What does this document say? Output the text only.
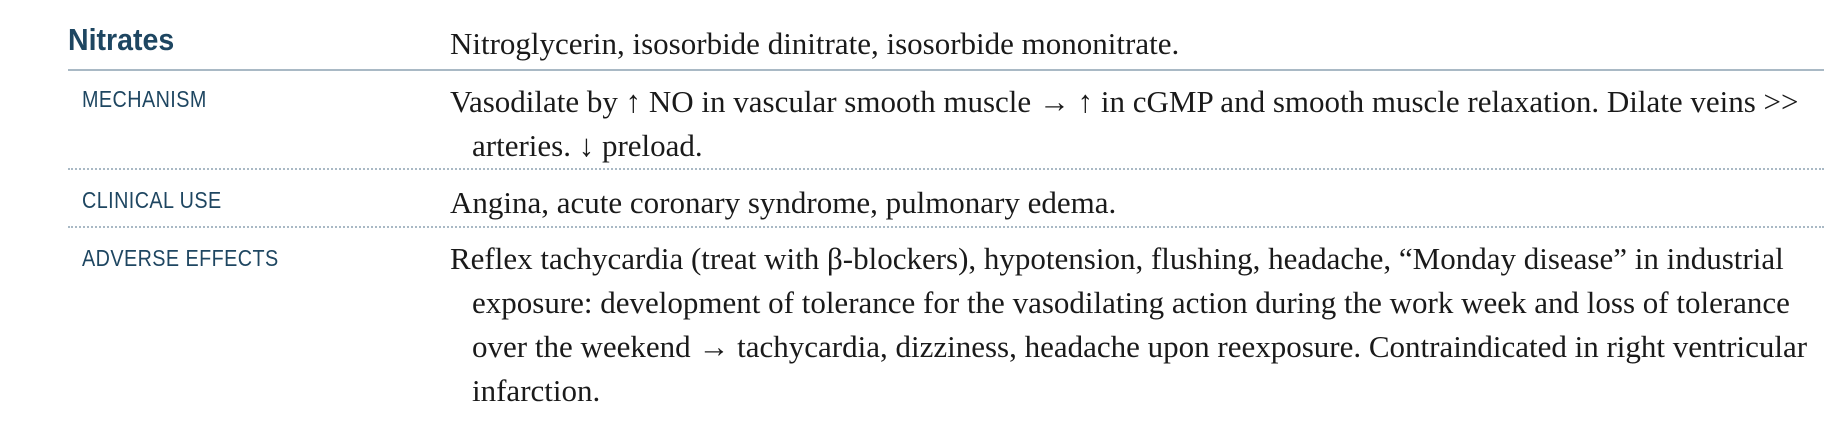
Nitrates	Nitroglycerin, isosorbide dinitrate, isosorbide mononitrate.
MECHANISM	Vasodilate by ↑ NO in vascular smooth muscle → ↑ in cGMP and smooth muscle relaxation. Dilate veins >> arteries. ↓ preload.
CLINICAL USE	Angina, acute coronary syndrome, pulmonary edema.
ADVERSE EFFECTS	Reflex tachycardia (treat with β-blockers), hypotension, flushing, headache, “Monday disease” in industrial exposure: development of tolerance for the vasodilating action during the work week and loss of tolerance over the weekend → tachycardia, dizziness, headache upon reexposure. Contraindicated in right ventricular infarction.
